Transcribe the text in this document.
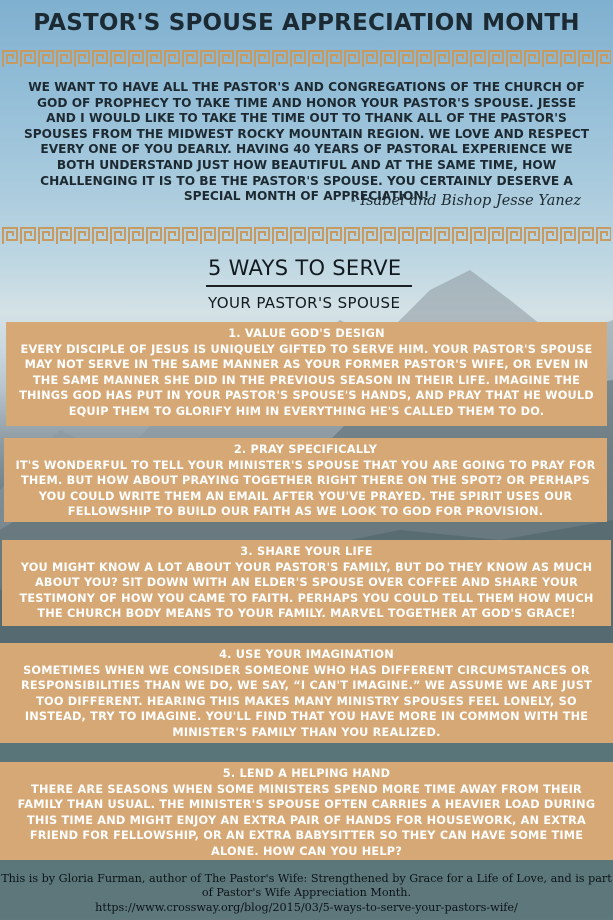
PASTOR'S SPOUSE APPRECIATION MONTH
WE WANT TO HAVE ALL THE PASTOR'S AND CONGREGATIONS OF THE CHURCH OF GOD OF PROPHECY TO TAKE TIME AND HONOR YOUR PASTOR'S SPOUSE. JESSE AND I WOULD LIKE TO TAKE THE TIME OUT TO THANK ALL OF THE PASTOR'S SPOUSES FROM THE MIDWEST ROCKY MOUNTAIN REGION. WE LOVE AND RESPECT EVERY ONE OF YOU DEARLY. HAVING 40 YEARS OF PASTORAL EXPERIENCE WE BOTH UNDERSTAND JUST HOW BEAUTIFUL AND AT THE SAME TIME, HOW CHALLENGING IT IS TO BE THE PASTOR'S SPOUSE. YOU CERTAINLY DESERVE A SPECIAL MONTH OF APPRECIATION!
- Isabel and Bishop Jesse Yanez
5 WAYS TO SERVE
YOUR PASTOR'S SPOUSE
1. VALUE GOD'S DESIGN
EVERY DISCIPLE OF JESUS IS UNIQUELY GIFTED TO SERVE HIM. YOUR PASTOR'S SPOUSE MAY NOT SERVE IN THE SAME MANNER AS YOUR FORMER PASTOR'S WIFE, OR EVEN IN THE SAME MANNER SHE DID IN THE PREVIOUS SEASON IN THEIR LIFE. IMAGINE THE THINGS GOD HAS PUT IN YOUR PASTOR'S SPOUSE'S HANDS, AND PRAY THAT HE WOULD EQUIP THEM TO GLORIFY HIM IN EVERYTHING HE'S CALLED THEM TO DO.
2. PRAY SPECIFICALLY
IT'S WONDERFUL TO TELL YOUR MINISTER'S SPOUSE THAT YOU ARE GOING TO PRAY FOR THEM. BUT HOW ABOUT PRAYING TOGETHER RIGHT THERE ON THE SPOT? OR PERHAPS YOU COULD WRITE THEM AN EMAIL AFTER YOU'VE PRAYED. THE SPIRIT USES OUR FELLOWSHIP TO BUILD OUR FAITH AS WE LOOK TO GOD FOR PROVISION.
3. SHARE YOUR LIFE
YOU MIGHT KNOW A LOT ABOUT YOUR PASTOR'S FAMILY, BUT DO THEY KNOW AS MUCH ABOUT YOU? SIT DOWN WITH AN ELDER'S SPOUSE OVER COFFEE AND SHARE YOUR TESTIMONY OF HOW YOU CAME TO FAITH. PERHAPS YOU COULD TELL THEM HOW MUCH THE CHURCH BODY MEANS TO YOUR FAMILY. MARVEL TOGETHER AT GOD'S GRACE!
4. USE YOUR IMAGINATION
SOMETIMES WHEN WE CONSIDER SOMEONE WHO HAS DIFFERENT CIRCUMSTANCES OR RESPONSIBILITIES THAN WE DO, WE SAY, “I CAN'T IMAGINE.” WE ASSUME WE ARE JUST TOO DIFFERENT. HEARING THIS MAKES MANY MINISTRY SPOUSES FEEL LONELY, SO INSTEAD, TRY TO IMAGINE. YOU'LL FIND THAT YOU HAVE MORE IN COMMON WITH THE MINISTER'S FAMILY THAN YOU REALIZED.
5. LEND A HELPING HAND
THERE ARE SEASONS WHEN SOME MINISTERS SPEND MORE TIME AWAY FROM THEIR FAMILY THAN USUAL. THE MINISTER'S SPOUSE OFTEN CARRIES A HEAVIER LOAD DURING THIS TIME AND MIGHT ENJOY AN EXTRA PAIR OF HANDS FOR HOUSEWORK, AN EXTRA FRIEND FOR FELLOWSHIP, OR AN EXTRA BABYSITTER SO THEY CAN HAVE SOME TIME ALONE. HOW CAN YOU HELP?
This is by Gloria Furman, author of The Pastor's Wife: Strengthened by Grace for a Life of Love, and is part of Pastor's Wife Appreciation Month.
https://www.crossway.org/blog/2015/03/5-ways-to-serve-your-pastors-wife/
